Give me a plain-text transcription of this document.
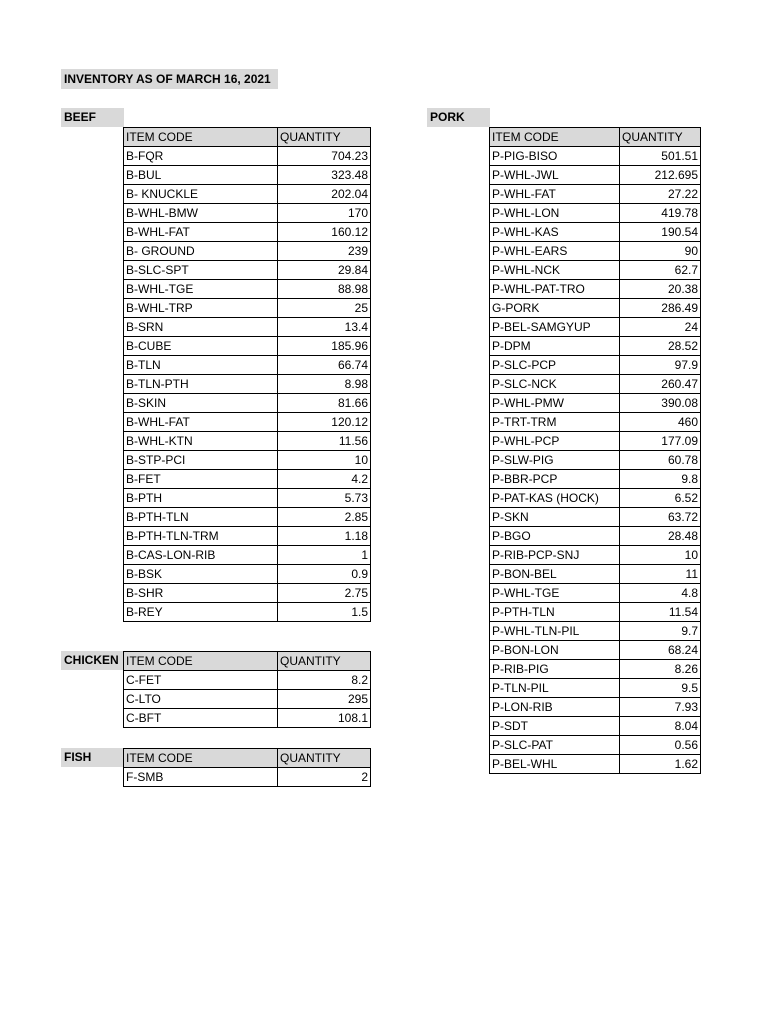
INVENTORY AS OF MARCH 16, 2021
BEEF
ITEM CODE	QUANTITY
B-FQR	704.23
B-BUL	323.48
B- KNUCKLE	202.04
B-WHL-BMW	170
B-WHL-FAT	160.12
B- GROUND	239
B-SLC-SPT	29.84
B-WHL-TGE	88.98
B-WHL-TRP	25
B-SRN	13.4
B-CUBE	185.96
B-TLN	66.74
B-TLN-PTH	8.98
B-SKIN	81.66
B-WHL-FAT	120.12
B-WHL-KTN	11.56
B-STP-PCI	10
B-FET	4.2
B-PTH	5.73
B-PTH-TLN	2.85
B-PTH-TLN-TRM	1.18
B-CAS-LON-RIB	1
B-BSK	0.9
B-SHR	2.75
B-REY	1.5
CHICKEN ITEM CODE	QUANTITY
C-FET	8.2
C-LTO	295
C-BFT	108.1
FISH	ITEM CODE	QUANTITY
F-SMB	2
PORK
ITEM CODE	QUANTITY
P-PIG-BISO	501.51
P-WHL-JWL	212.695
P-WHL-FAT	27.22
P-WHL-LON	419.78
P-WHL-KAS	190.54
P-WHL-EARS	90
P-WHL-NCK	62.7
P-WHL-PAT-TRO	20.38
G-PORK	286.49
P-BEL-SAMGYUP	24
P-DPM	28.52
P-SLC-PCP	97.9
P-SLC-NCK	260.47
P-WHL-PMW	390.08
P-TRT-TRM	460
P-WHL-PCP	177.09
P-SLW-PIG	60.78
P-BBR-PCP	9.8
P-PAT-KAS (HOCK)	6.52
P-SKN	63.72
P-BGO	28.48
P-RIB-PCP-SNJ	10
P-BON-BEL	11
P-WHL-TGE	4.8
P-PTH-TLN	11.54
P-WHL-TLN-PIL	9.7
P-BON-LON	68.24
P-RIB-PIG	8.26
P-TLN-PIL	9.5
P-LON-RIB	7.93
P-SDT	8.04
P-SLC-PAT	0.56
P-BEL-WHL	1.62
